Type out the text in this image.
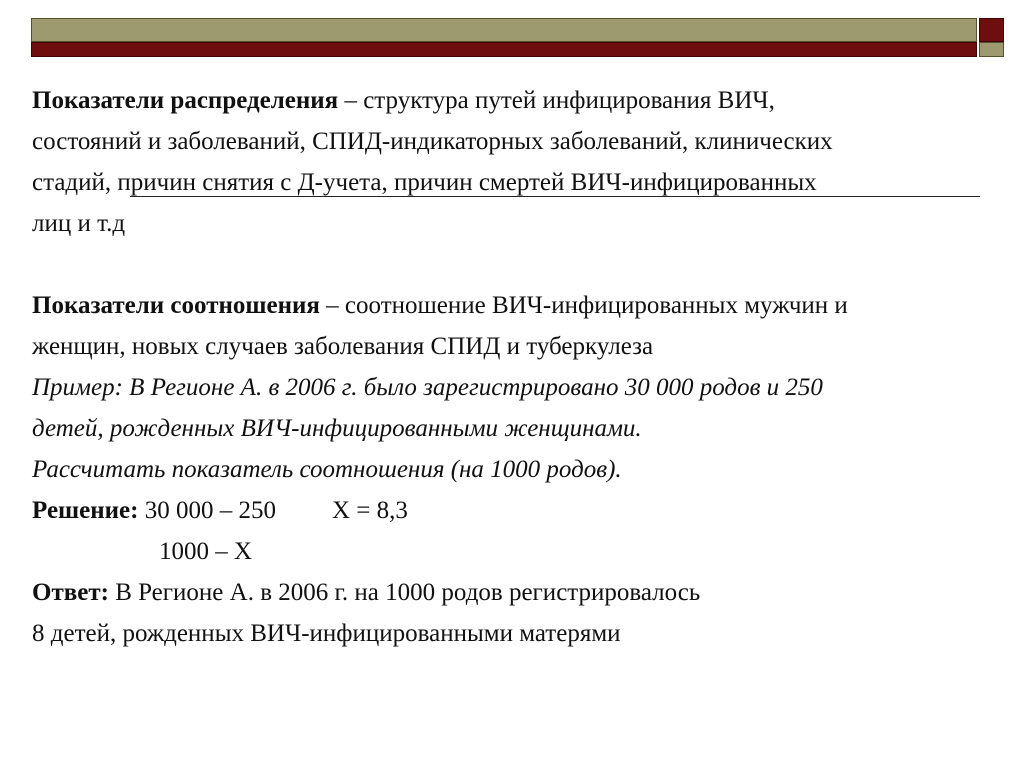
Показатели распределения – структура путей инфицирования ВИЧ,
состояний и заболеваний, СПИД-индикаторных заболеваний, клинических
стадий, причин снятия с Д-учета, причин смертей ВИЧ-инфицированных
лиц и т.д
Показатели соотношения – соотношение ВИЧ-инфицированных мужчин и
женщин, новых случаев заболевания СПИД и туберкулеза
Пример: В Регионе А. в 2006 г. было зарегистрировано 30 000 родов и 250
детей, рожденных ВИЧ-инфицированными женщинами.
Рассчитать показатель соотношения (на 1000 родов).
Решение: 30 000 – 250 Х = 8,3
1000 – Х
Ответ: В Регионе А. в 2006 г. на 1000 родов регистрировалось
8 детей, рожденных ВИЧ-инфицированными матерями
